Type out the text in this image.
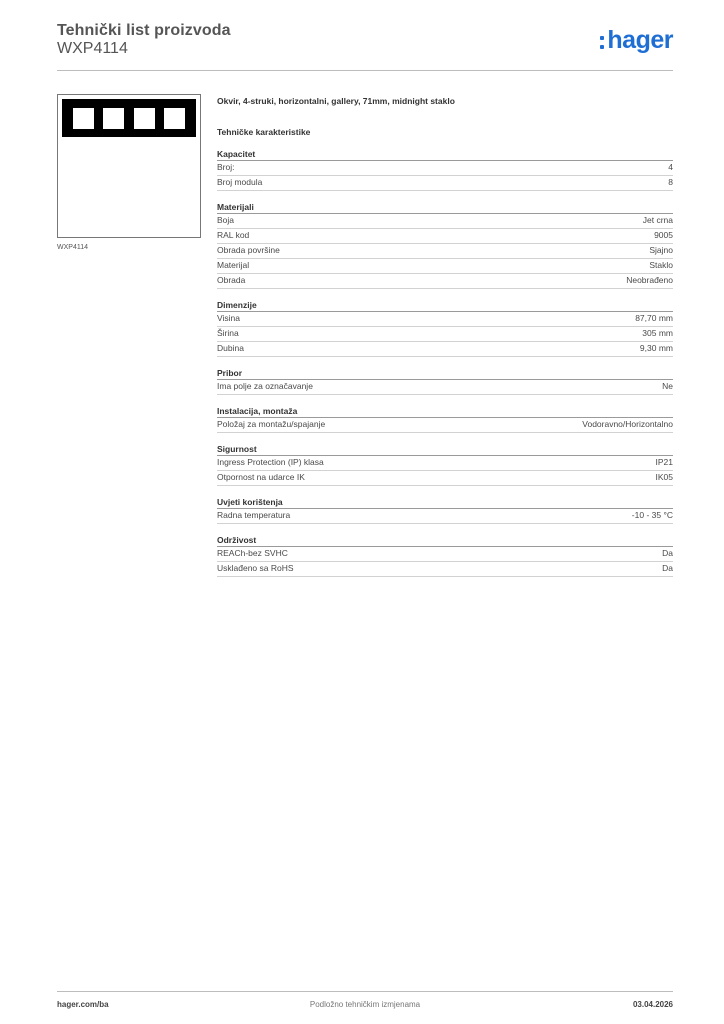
Tehnički list proizvoda
WXP4114	hager
WXP4114
Okvir, 4-struki, horizontalni, gallery, 71mm, midnight staklo
Tehničke karakteristike
Kapacitet
Broj:	4
Broj modula	8
Materijali
Boja	Jet crna
RAL kod	9005
Obrada površine	Sjajno
Materijal	Staklo
Obrada	Neobrađeno
Dimenzije
Visina	87,70 mm
Širina	305 mm
Dubina	9,30 mm
Pribor
Ima polje za označavanje	Ne
Instalacija, montaža
Položaj za montažu/spajanje	Vodoravno/Horizontalno
Sigurnost
Ingress Protection (IP) klasa	IP21
Otpornost na udarce IK	IK05
Uvjeti korištenja
Radna temperatura	-10 - 35 °C
Održivost
REACh-bez SVHC	Da
Usklađeno sa RoHS	Da
hager.com/ba	Podložno tehničkim izmjenama	03.04.2026
